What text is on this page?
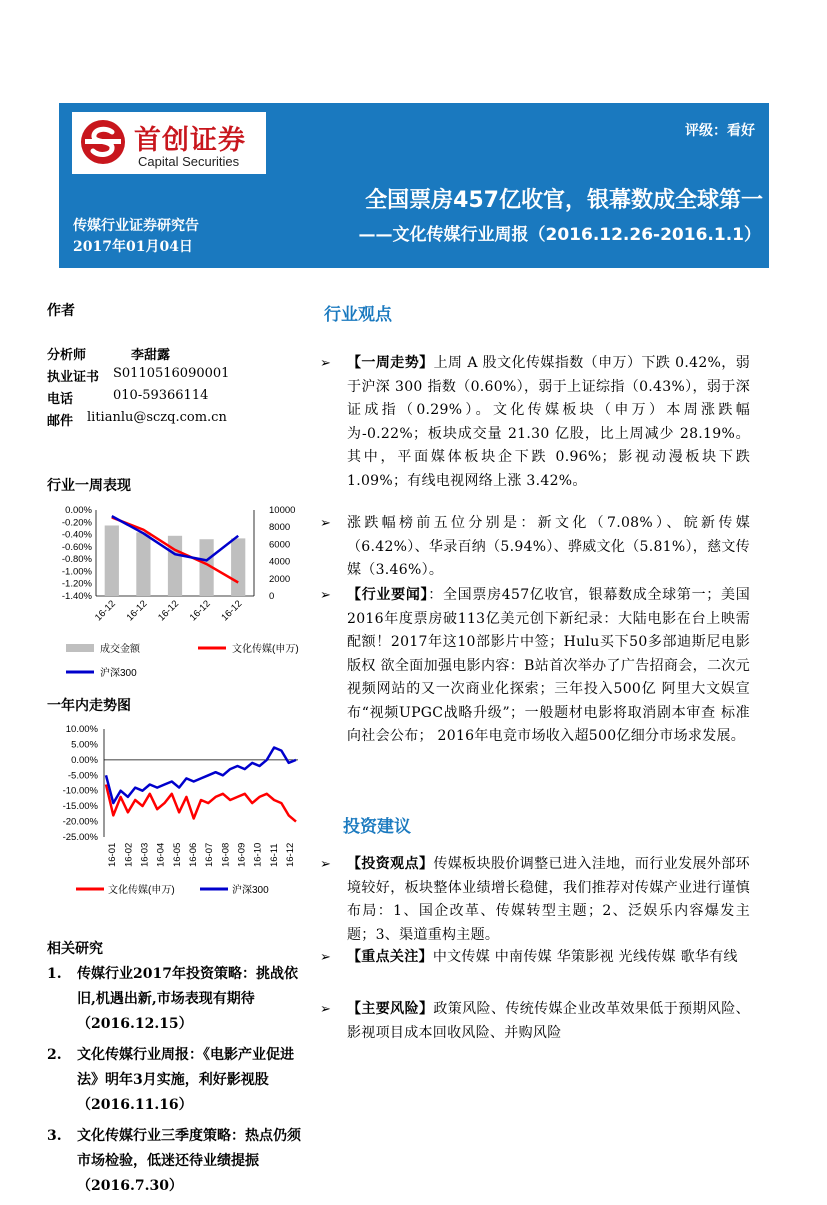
首创证券
Capital Securities
评级：看好
全国票房457亿收官，银幕数成全球第一
——文化传媒行业周报（2016.12.26-2016.1.1）
传媒行业证券研究告
2017年01月04日
作者
分析师	李甜露
执业证书 S0110516090001
电话	010-59366114
邮件 litianlu@sczq.com.cn
行业一周表现
一年内走势图
相关研究
1. 传媒行业2017年投资策略：挑战依旧,机遇出新,市场表现有期待（2016.12.15）
2. 文化传媒行业周报：《电影产业促进法》明年3月实施，利好影视股（2016.11.16）
3. 文化传媒行业三季度策略：热点仍须市场检验，低迷还待业绩提振（2016.7.30）
0.00%
-0.20%
-0.40%
-0.60%
-0.80%
-1.00%
-1.20%
-1.40%
10000
8000
6000
4000
2000
0
16-12 16-12 16-12 16-12 16-12
成交金额	文化传媒(申万)
沪深300
10.00%
5.00%
0.00%
-5.00%
-10.00%
-15.00%
-20.00%
-25.00%
16-01 16-02 16-03 16-04 16-05 16-06 16-07 16-08 16-09 16-10 16-11 16-12
文化传媒(申万)	沪深300
行业观点
➢ 【一周走势】上周 A 股文化传媒指数（申万）下跌 0.42%，弱于沪深 300 指数（0.60%），弱于上证综指（0.43%），弱于深证成指（0.29%）。文化传媒板块（申万）本周涨跌幅为-0.22%；板块成交量 21.30 亿股，比上周减少 28.19%。其中，平面媒体板块企下跌 0.96%；影视动漫板块下跌 1.09%；有线电视网络上涨 3.42%。
➢ 涨跌幅榜前五位分别是：新文化（7.08%）、皖新传媒（6.42%）、华录百纳（5.94%）、骅威文化（5.81%），慈文传媒（3.46%）。
➢ 【行业要闻】：全国票房457亿收官，银幕数成全球第一；美国2016年度票房破113亿美元创下新纪录：大陆电影在台上映需配额！2017年这10部影片中签；Hulu买下50多部迪斯尼电影版权 欲全面加强电影内容：B站首次举办了广告招商会，二次元视频网站的又一次商业化探索；三年投入500亿 阿里大文娱宣布“视频UPGC战略升级”；一般题材电影将取消剧本审查 标准向社会公布； 2016年电竞市场收入超500亿细分市场求发展。
投资建议
➢ 【投资观点】传媒板块股价调整已进入洼地，而行业发展外部环境较好，板块整体业绩增长稳健，我们推荐对传媒产业进行谨慎布局：1、国企改革、传媒转型主题；2、泛娱乐内容爆发主题；3、渠道重构主题。
➢ 【重点关注】中文传媒 中南传媒 华策影视 光线传媒 歌华有线
➢ 【主要风险】政策风险、传统传媒企业改革效果低于预期风险、影视项目成本回收风险、并购风险
